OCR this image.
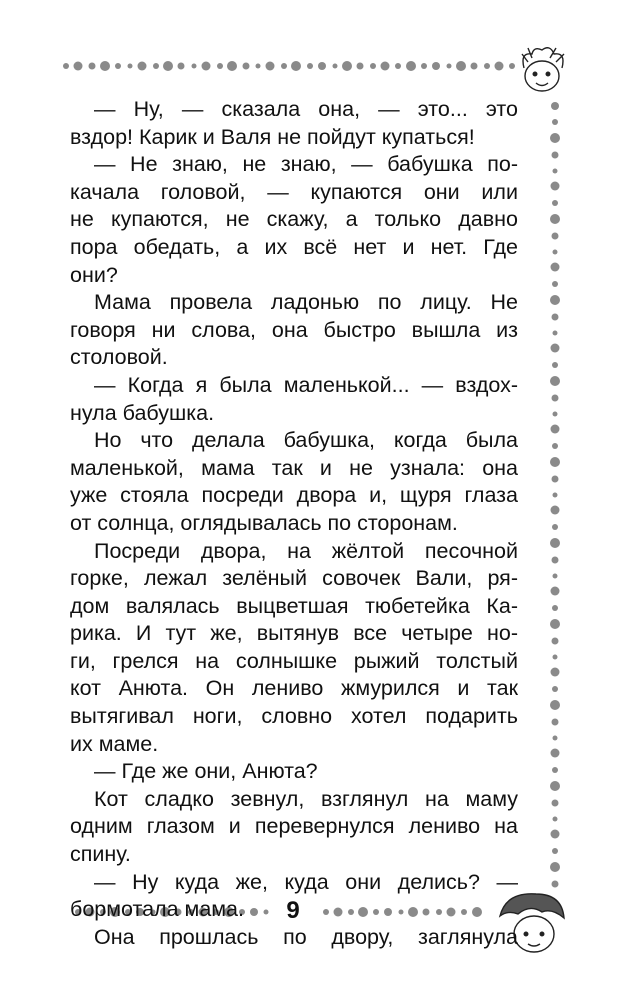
— Ну, — сказала она, — это... это
вздор! Карик и Валя не пойдут купаться!
— Не знаю, не знаю, — бабушка по-
качала головой, — купаются они или
не купаются, не скажу, а только давно
пора обедать, а их всё нет и нет. Где
они?
Мама провела ладонью по лицу. Не
говоря ни слова, она быстро вышла из
столовой.
— Когда я была маленькой... — вздох-
нула бабушка.
Но что делала бабушка, когда была
маленькой, мама так и не узнала: она
уже стояла посреди двора и, щуря глаза
от солнца, оглядывалась по сторонам.
Посреди двора, на жёлтой песочной
горке, лежал зелёный совочек Вали, ря-
дом валялась выцветшая тюбетейка Ка-
рика. И тут же, вытянув все четыре но-
ги, грелся на солнышке рыжий толстый
кот Анюта. Он лениво жмурился и так
вытягивал ноги, словно хотел подарить
их маме.
— Где же они, Анюта?
Кот сладко зевнул, взглянул на маму
одним глазом и перевернулся лениво на
спину.
— Ну куда же, куда они делись? —
бормотала мама.
Она прошлась по двору, заглянула
9
